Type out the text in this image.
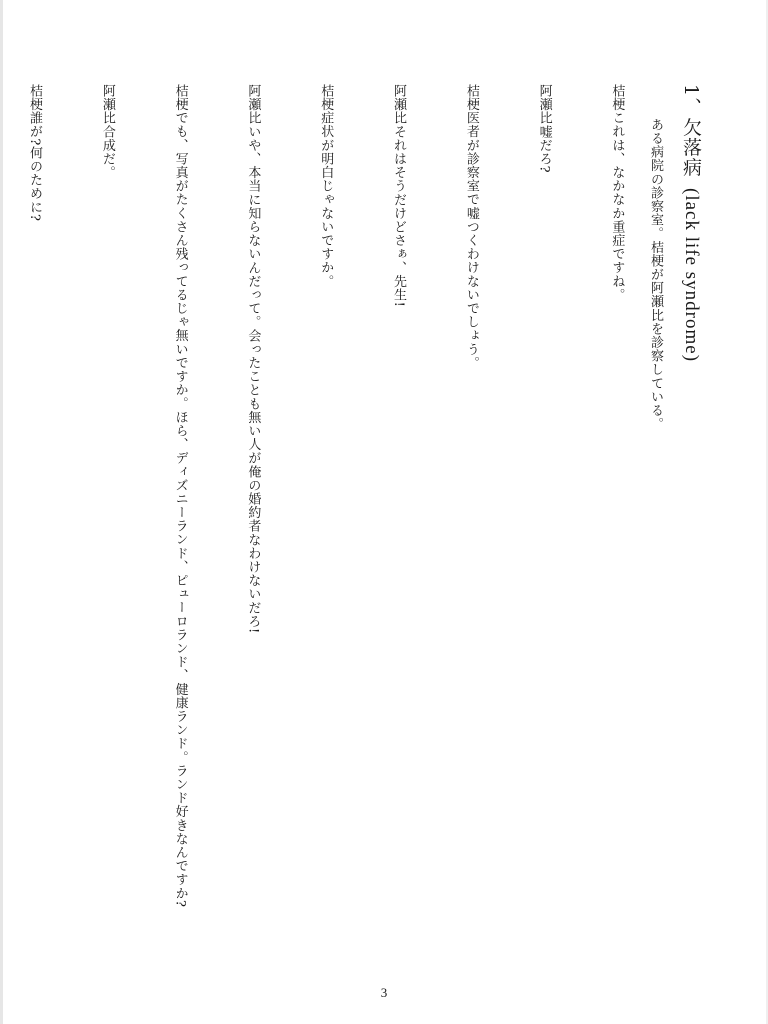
1、欠落病(lack life syndrome)
ある病院の診察室。桔梗が阿瀬比を診察している。
桔梗これは、なかなか重症ですね。
阿瀬比嘘だろ?
桔梗医者が診察室で嘘つくわけないでしょう。
阿瀬比それはそうだけどさぁ、先生!
桔梗症状が明白じゃないですか。
阿瀬比いや、本当に知らないんだって。会ったことも無い人が俺の婚約者なわけないだろ!
桔梗でも、写真がたくさん残ってるじゃ無いですか。ほら、ディズニーランド、ピューロランド、健康ランド。ランド好きなんですか?
阿瀬比合成だ。
桔梗誰が?何のために?
3
